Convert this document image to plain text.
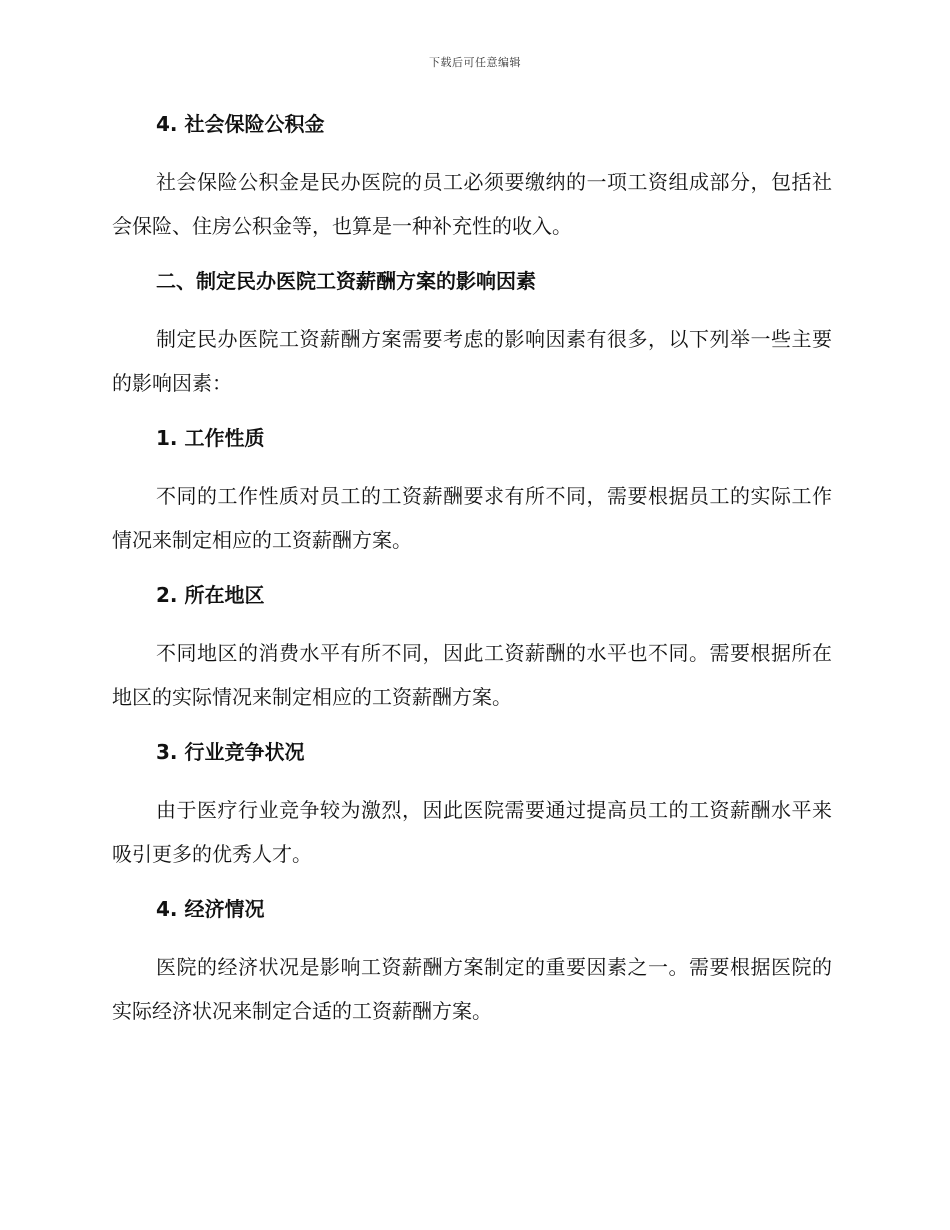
下载后可任意编辑
4. 社会保险公积金

社会保险公积金是民办医院的员工必须要缴纳的一项工资组成部分，包括社会保险、住房公积金等，也算是一种补充性的收入。

二、制定民办医院工资薪酬方案的影响因素

制定民办医院工资薪酬方案需要考虑的影响因素有很多，以下列举一些主要的影响因素：

1. 工作性质

不同的工作性质对员工的工资薪酬要求有所不同，需要根据员工的实际工作情况来制定相应的工资薪酬方案。

2. 所在地区

不同地区的消费水平有所不同，因此工资薪酬的水平也不同。需要根据所在地区的实际情况来制定相应的工资薪酬方案。

3. 行业竞争状况

由于医疗行业竞争较为激烈，因此医院需要通过提高员工的工资薪酬水平来吸引更多的优秀人才。

4. 经济情况

医院的经济状况是影响工资薪酬方案制定的重要因素之一。需要根据医院的实际经济状况来制定合适的工资薪酬方案。
